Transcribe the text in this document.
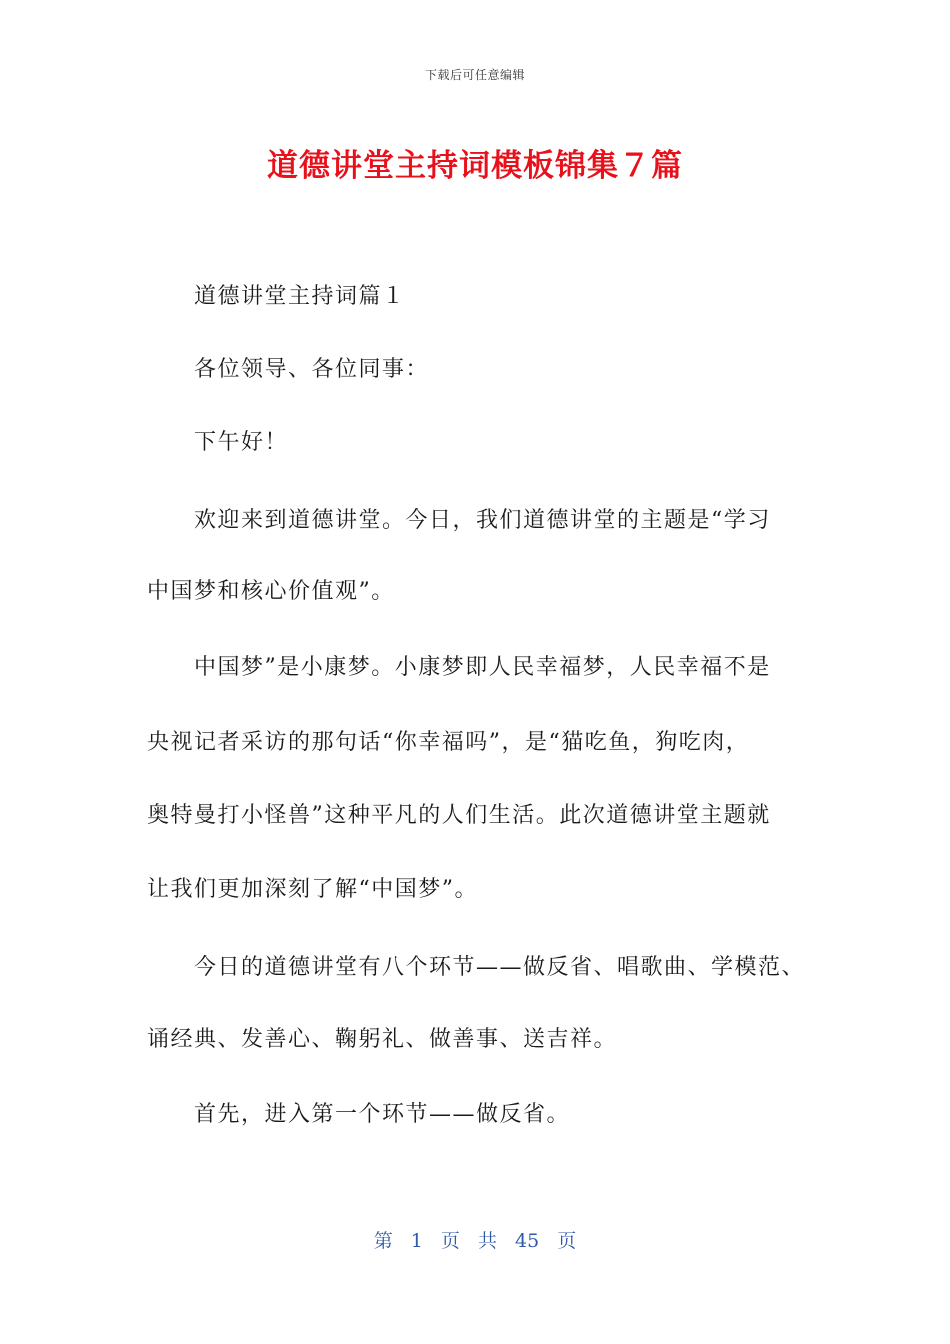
下载后可任意编辑
道德讲堂主持词模板锦集７篇
道德讲堂主持词篇１
各位领导、各位同事：
下午好！
欢迎来到道德讲堂。今日，我们道德讲堂的主题是“学习
中国梦和核心价值观”。
中国梦”是小康梦。小康梦即人民幸福梦，人民幸福不是
央视记者采访的那句话“你幸福吗”，是“猫吃鱼，狗吃肉，
奥特曼打小怪兽”这种平凡的人们生活。此次道德讲堂主题就
让我们更加深刻了解“中国梦”。
今日的道德讲堂有八个环节——做反省、唱歌曲、学模范、
诵经典、发善心、鞠躬礼、做善事、送吉祥。
首先，进入第一个环节——做反省。
第 1 页 共 45 页
